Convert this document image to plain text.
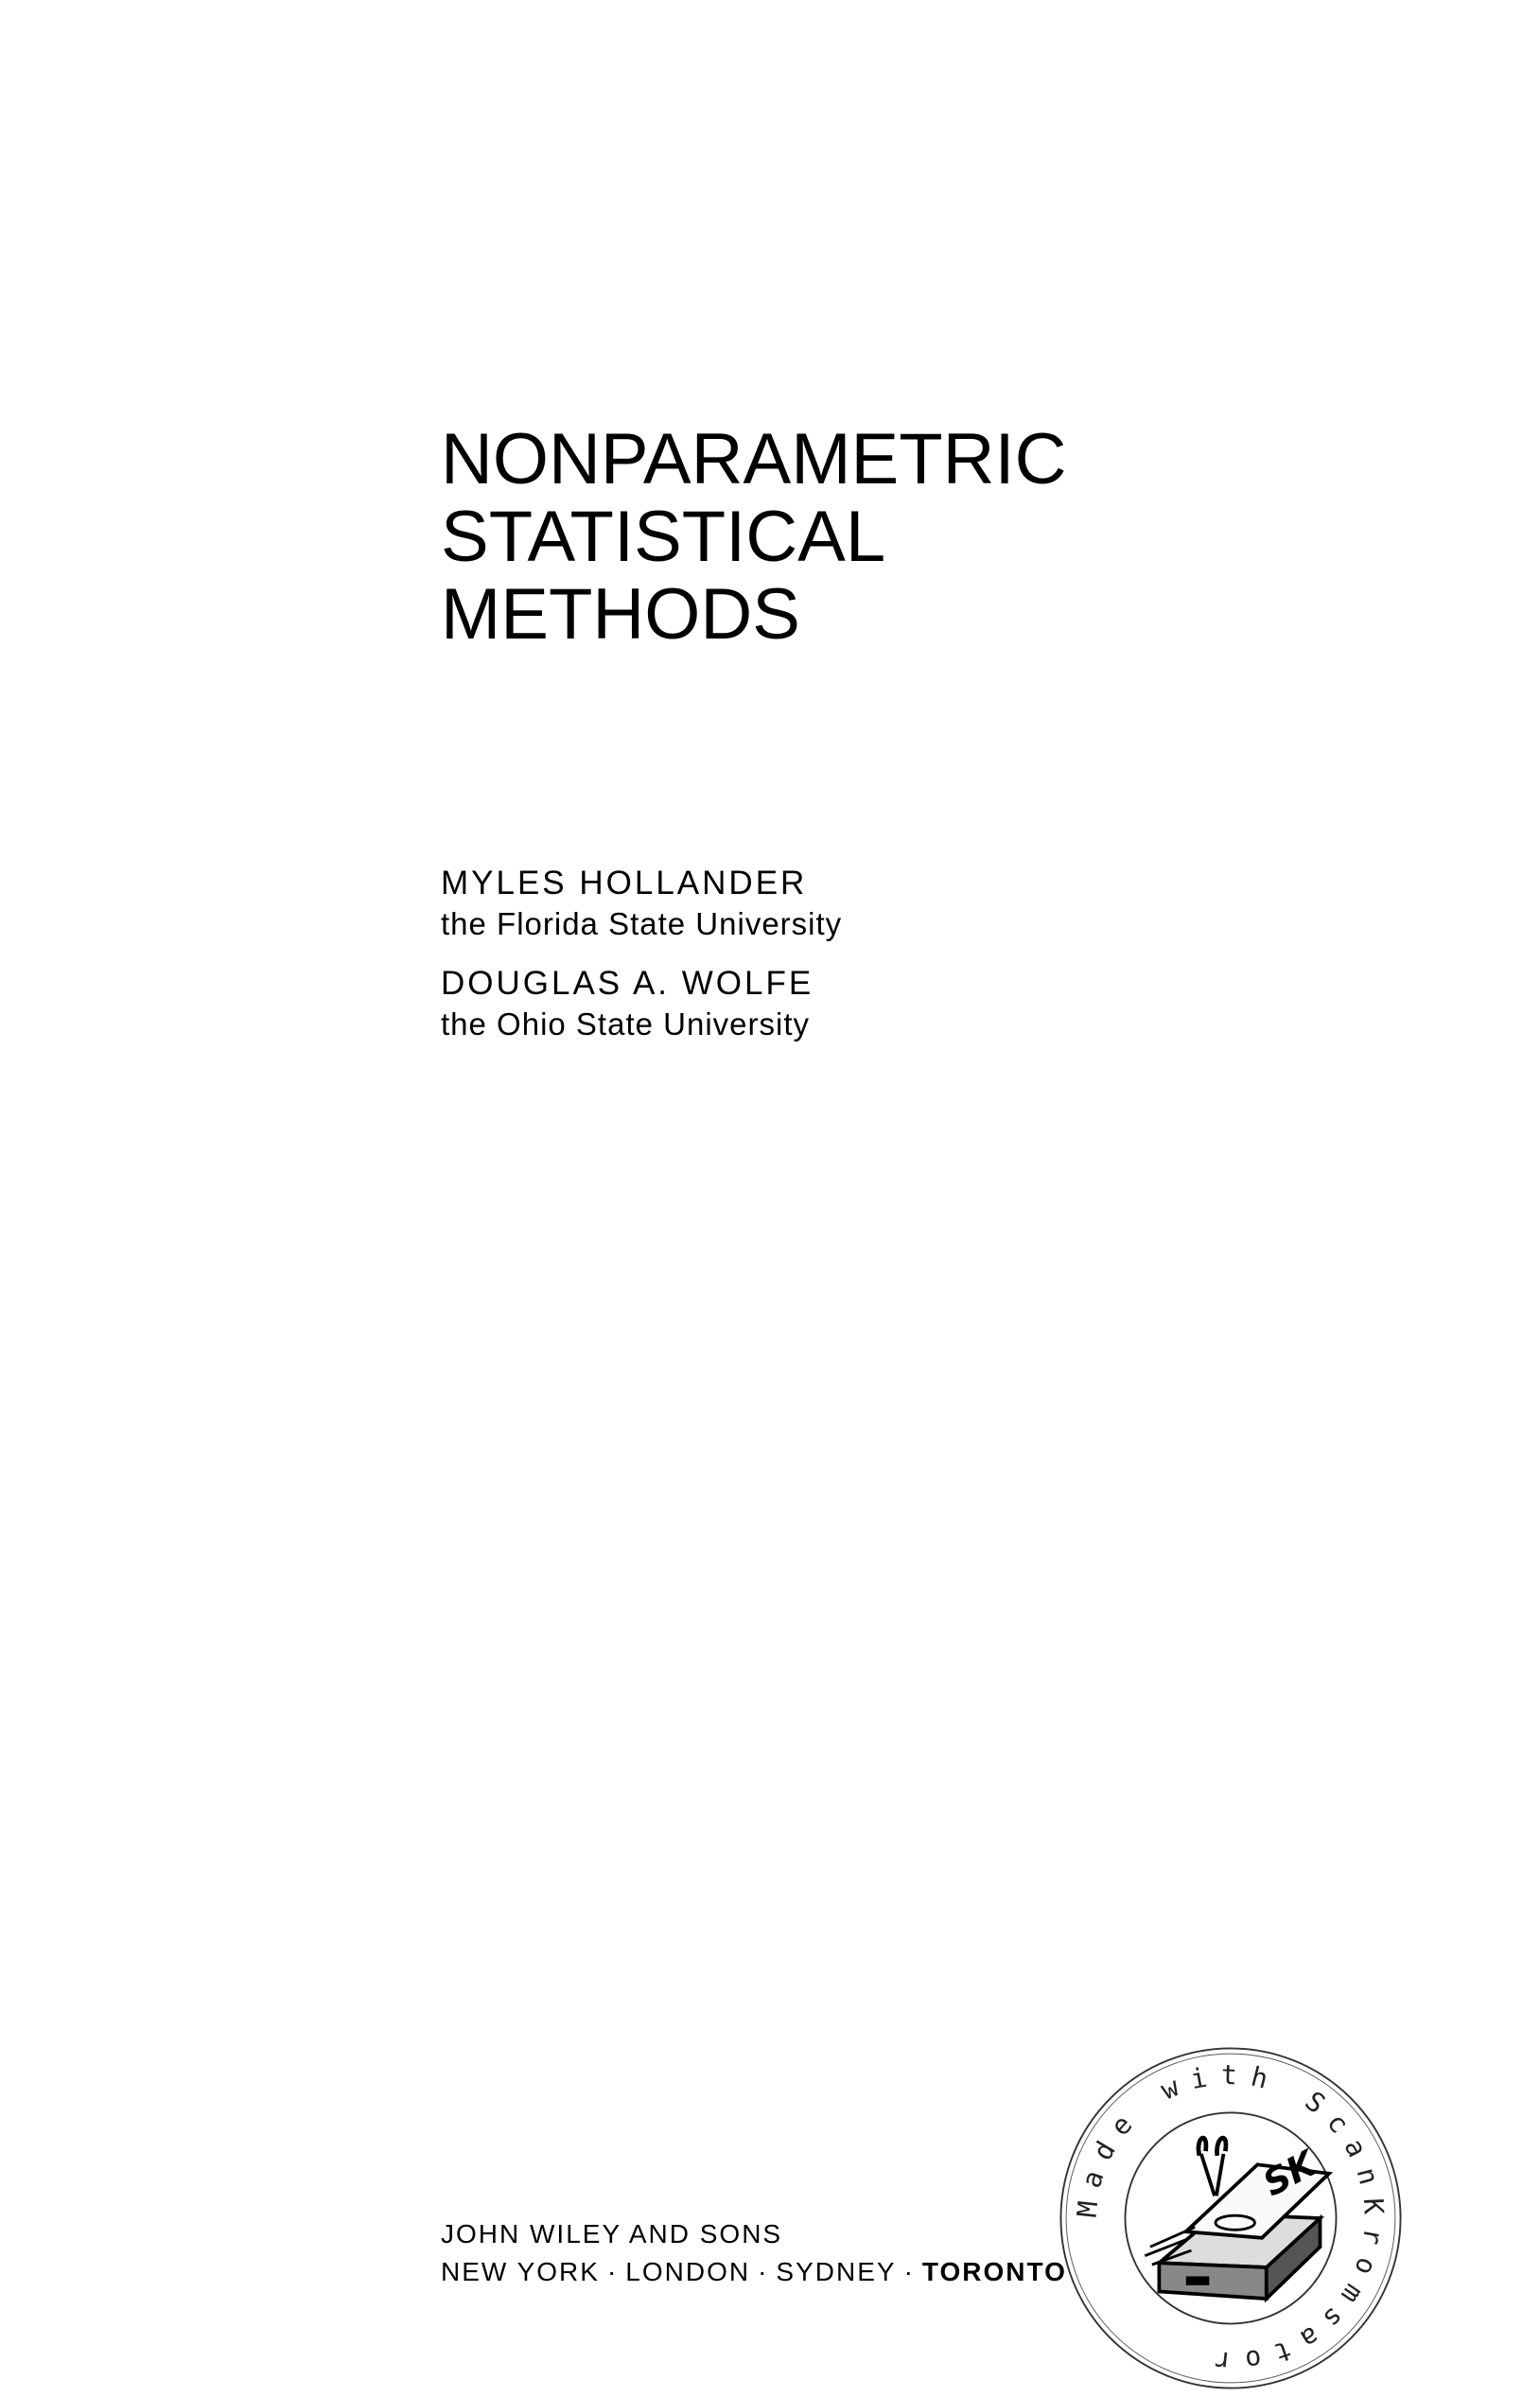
NONPARAMETRIC
STATISTICAL
METHODS
MYLES HOLLANDER
the Florida State University
DOUGLAS A. WOLFE
the Ohio State University
JOHN WILEY AND SONS
NEW YORK · LONDON · SYDNEY · TORONTO
Made with ScanKromsator
SK
